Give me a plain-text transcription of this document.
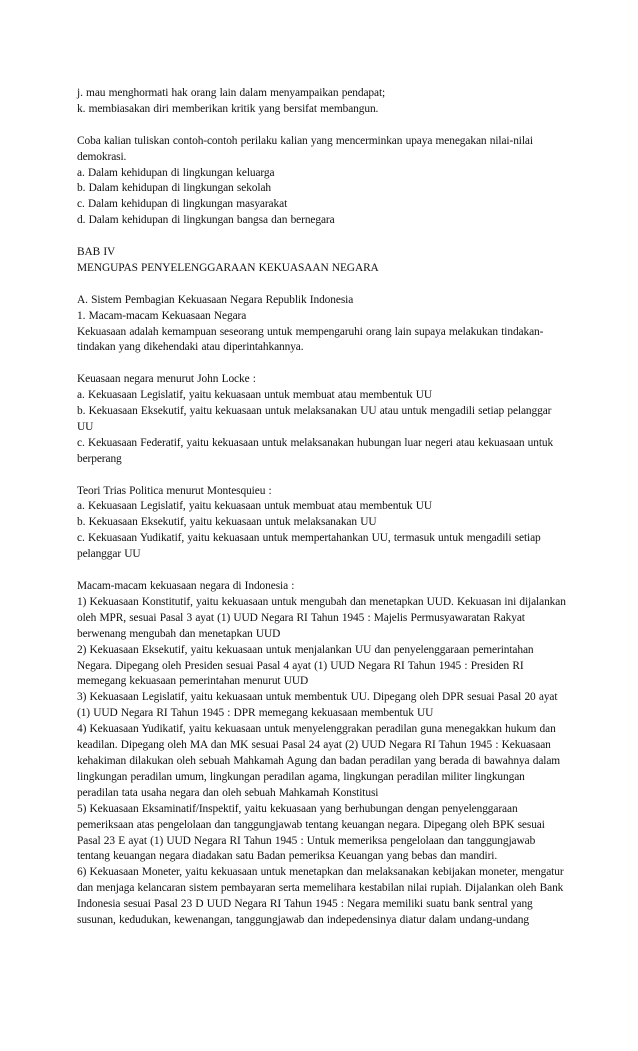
j. mau menghormati hak orang lain dalam menyampaikan pendapat;
k. membiasakan diri memberikan kritik yang bersifat membangun.
Coba kalian tuliskan contoh-contoh perilaku kalian yang mencerminkan upaya menegakan nilai-nilai demokrasi.
a. Dalam kehidupan di lingkungan keluarga
b. Dalam kehidupan di lingkungan sekolah
c. Dalam kehidupan di lingkungan masyarakat
d. Dalam kehidupan di lingkungan bangsa dan bernegara
BAB IV
MENGUPAS PENYELENGGARAAN KEKUASAAN NEGARA
A. Sistem Pembagian Kekuasaan Negara Republik Indonesia
1. Macam-macam Kekuasaan Negara
Kekuasaan adalah kemampuan seseorang untuk mempengaruhi orang lain supaya melakukan tindakan-tindakan yang dikehendaki atau diperintahkannya.
Keuasaan negara menurut John Locke :
a. Kekuasaan Legislatif, yaitu kekuasaan untuk membuat atau membentuk UU
b. Kekuasaan Eksekutif, yaitu kekuasaan untuk melaksanakan UU atau untuk mengadili setiap pelanggar UU
c. Kekuasaan Federatif, yaitu kekuasaan untuk melaksanakan hubungan luar negeri atau kekuasaan untuk berperang
Teori Trias Politica menurut Montesquieu :
a. Kekuasaan Legislatif, yaitu kekuasaan untuk membuat atau membentuk UU
b. Kekuasaan Eksekutif, yaitu kekuasaan untuk melaksanakan UU
c. Kekuasaan Yudikatif, yaitu kekuasaan untuk mempertahankan UU, termasuk untuk mengadili setiap pelanggar UU
Macam-macam kekuasaan negara di Indonesia :
1) Kekuasaan Konstitutif, yaitu kekuasaan untuk mengubah dan menetapkan UUD. Kekuasan ini dijalankan oleh MPR, sesuai Pasal 3 ayat (1) UUD Negara RI Tahun 1945 : Majelis Permusyawaratan Rakyat berwenang mengubah dan menetapkan UUD
2) Kekuasaan Eksekutif, yaitu kekuasaan untuk menjalankan UU dan penyelenggaraan pemerintahan Negara. Dipegang oleh Presiden sesuai Pasal 4 ayat (1) UUD Negara RI Tahun 1945 : Presiden RI memegang kekuasaan pemerintahan menurut UUD
3) Kekuasaan Legislatif, yaitu kekuasaan untuk membentuk UU. Dipegang oleh DPR sesuai Pasal 20 ayat (1) UUD Negara RI Tahun 1945 : DPR memegang kekuasaan membentuk UU
4) Kekuasaan Yudikatif, yaitu kekuasaan untuk menyelenggrakan peradilan guna menegakkan hukum dan keadilan. Dipegang oleh MA dan MK sesuai Pasal 24 ayat (2) UUD Negara RI Tahun 1945 : Kekuasaan kehakiman dilakukan oleh sebuah Mahkamah Agung dan badan peradilan yang berada di bawahnya dalam lingkungan peradilan umum, lingkungan peradilan agama, lingkungan peradilan militer lingkungan peradilan tata usaha negara dan oleh sebuah Mahkamah Konstitusi
5) Kekuasaan Eksaminatif/Inspektif, yaitu kekuasaan yang berhubungan dengan penyelenggaraan pemeriksaan atas pengelolaan dan tanggungjawab tentang keuangan negara. Dipegang oleh BPK sesuai Pasal 23 E ayat (1) UUD Negara RI Tahun 1945 : Untuk memeriksa pengelolaan dan tanggungjawab tentang keuangan negara diadakan satu Badan pemeriksa Keuangan yang bebas dan mandiri.
6) Kekuasaan Moneter, yaitu kekuasaan untuk menetapkan dan melaksanakan kebijakan moneter, mengatur dan menjaga kelancaran sistem pembayaran serta memelihara kestabilan nilai rupiah. Dijalankan oleh Bank Indonesia sesuai Pasal 23 D UUD Negara RI Tahun 1945 : Negara memiliki suatu bank sentral yang susunan, kedudukan, kewenangan, tanggungjawab dan indepedensinya diatur dalam undang-undang
